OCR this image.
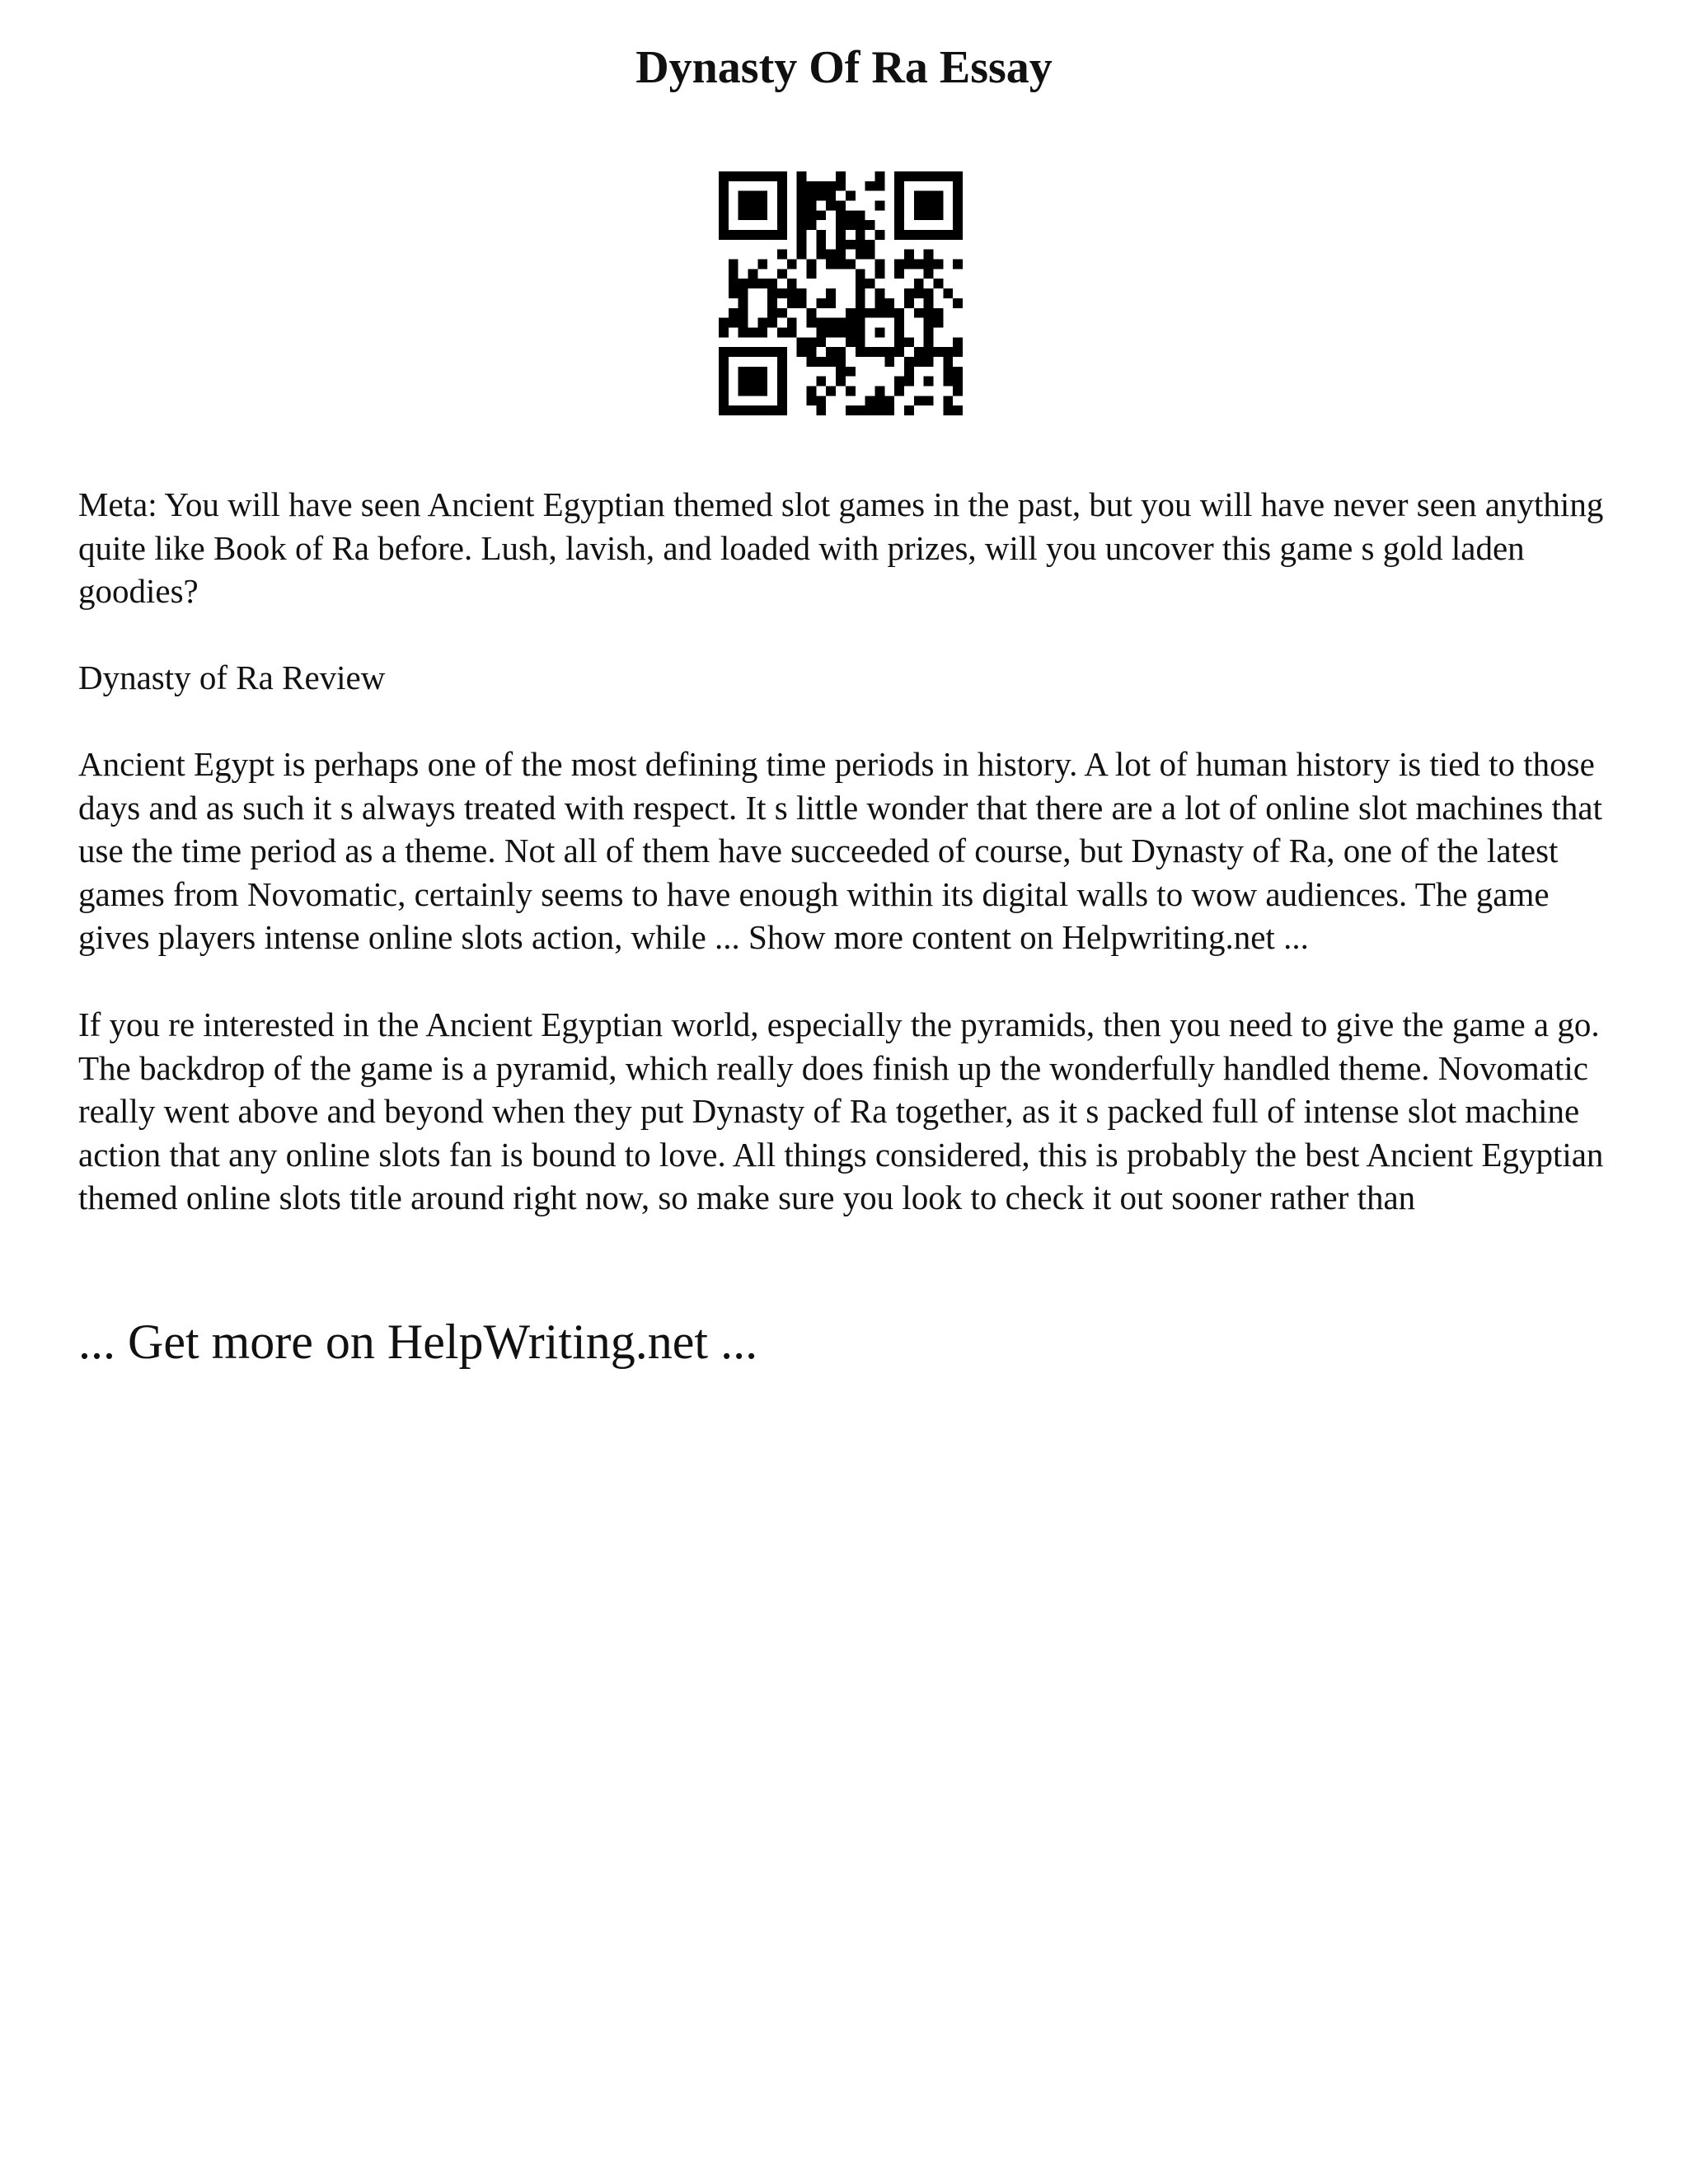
Dynasty Of Ra Essay

Meta: You will have seen Ancient Egyptian themed slot games in the past, but you will have never seen anything quite like Book of Ra before. Lush, lavish, and loaded with prizes, will you uncover this game s gold laden goodies?

Dynasty of Ra Review

Ancient Egypt is perhaps one of the most defining time periods in history. A lot of human history is tied to those days and as such it s always treated with respect. It s little wonder that there are a lot of online slot machines that use the time period as a theme. Not all of them have succeeded of course, but Dynasty of Ra, one of the latest games from Novomatic, certainly seems to have enough within its digital walls to wow audiences. The game gives players intense online slots action, while ... Show more content on Helpwriting.net ...

If you re interested in the Ancient Egyptian world, especially the pyramids, then you need to give the game a go. The backdrop of the game is a pyramid, which really does finish up the wonderfully handled theme. Novomatic really went above and beyond when they put Dynasty of Ra together, as it s packed full of intense slot machine action that any online slots fan is bound to love. All things considered, this is probably the best Ancient Egyptian themed online slots title around right now, so make sure you look to check it out sooner rather than

... Get more on HelpWriting.net ...
